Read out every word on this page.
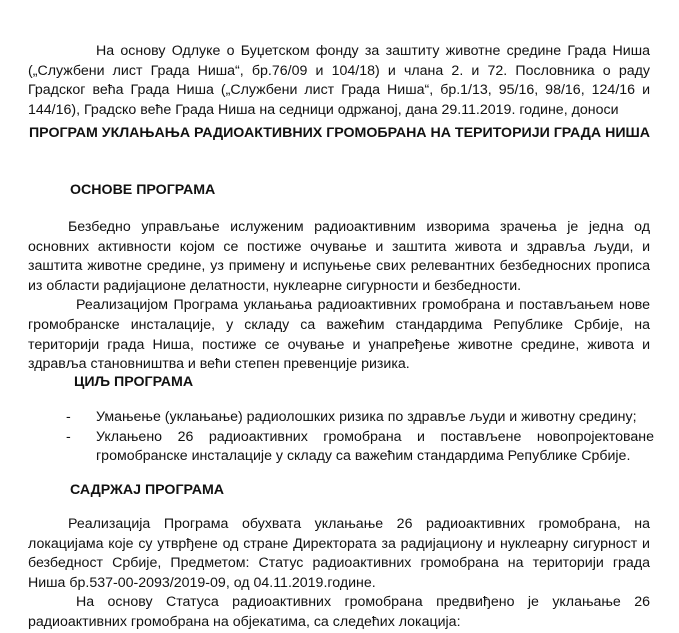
На основу Одлуке о Буџетском фонду за заштиту животне средине Града Ниша („Службени лист Града Ниша“, бр.76/09 и 104/18) и члана 2. и 72. Пословника о раду Градског већа Града Ниша („Службени лист Града Ниша“, бр.1/13, 95/16, 98/16, 124/16 и 144/16), Градско веће Града Ниша на седници одржаној, дана 29.11.2019. године, доноси

ПРОГРАМ УКЛАЊАЊА РАДИОАКТИВНИХ ГРОМОБРАНА НА ТЕРИТОРИЈИ ГРАДА НИША
ОСНОВЕ ПРОГРАМА

Безбедно управљање ислуженим радиоактивним изворима зрачења је једна од основних активности којом се постиже очување и заштита живота и здравља људи, и заштита животне средине, уз примену и испуњење свих релевантних безбедносних прописа из области радијационе делатности, нуклеарне сигурности и безбедности.

Реализацијом Програма уклањања радиоактивних громобрана и постављањем нове громобранске инсталације, у складу са важећим стандардима Републике Србије, на територији града Ниша, постиже се очување и унапређење животне средине, живота и здравља становништва и већи степен превенције ризика.

ЦИЉ ПРОГРАМА
- Умањење (уклањање) радиолошких ризика по здравље људи и животну средину;
- Уклањено 26 радиоактивних громобрана и постављене новопројектоване громобранске инсталације у складу са важећим стандардима Републике Србије.
САДРЖАЈ ПРОГРАМА

Реализација Програма обухвата уклањање 26 радиоактивних громобрана, на локацијама које су утврђене од стране Директората за радијациону и нуклеарну сигурност и безбедност Србије, Предметом: Статус радиоактивних громобрана на територији града Ниша бр.537-00-2093/2019-09, од 04.11.2019.године.

На основу Статуса радиоактивних громобрана предвиђено је уклањање 26 радиоактивних громобрана на објекатима, са следећих локација:
